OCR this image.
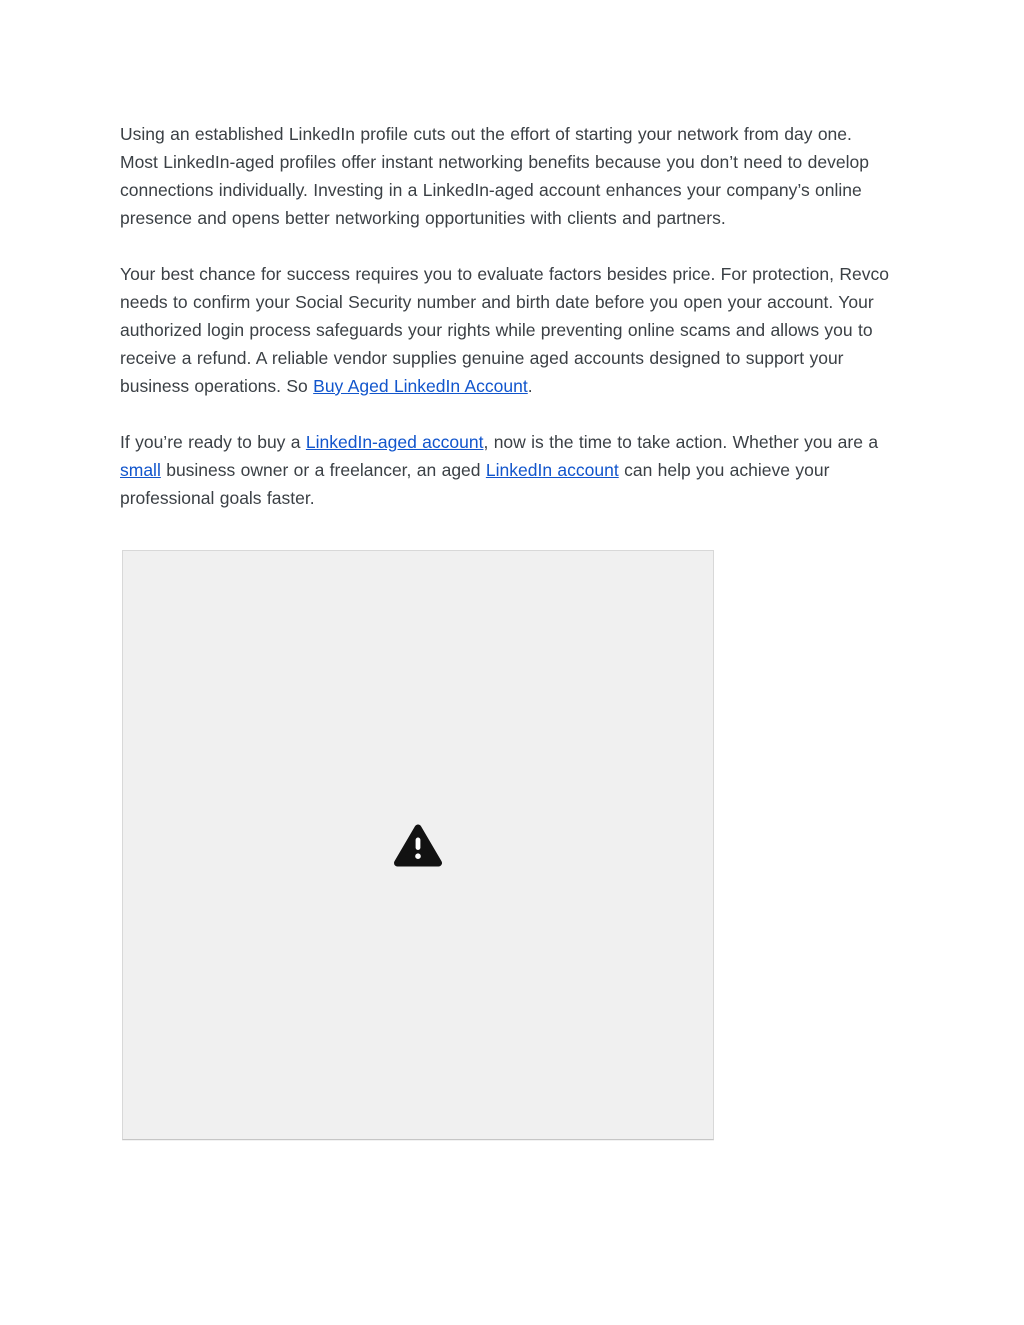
Using an established LinkedIn profile cuts out the effort of starting your network from day one. Most LinkedIn-aged profiles offer instant networking benefits because you don’t need to develop connections individually. Investing in a LinkedIn-aged account enhances your company’s online presence and opens better networking opportunities with clients and partners.

Your best chance for success requires you to evaluate factors besides price. For protection, Revco needs to confirm your Social Security number and birth date before you open your account. Your authorized login process safeguards your rights while preventing online scams and allows you to receive a refund. A reliable vendor supplies genuine aged accounts designed to support your business operations. So Buy Aged LinkedIn Account.

If you’re ready to buy a LinkedIn-aged account, now is the time to take action. Whether you are a small business owner or a freelancer, an aged LinkedIn account can help you achieve your professional goals faster.
